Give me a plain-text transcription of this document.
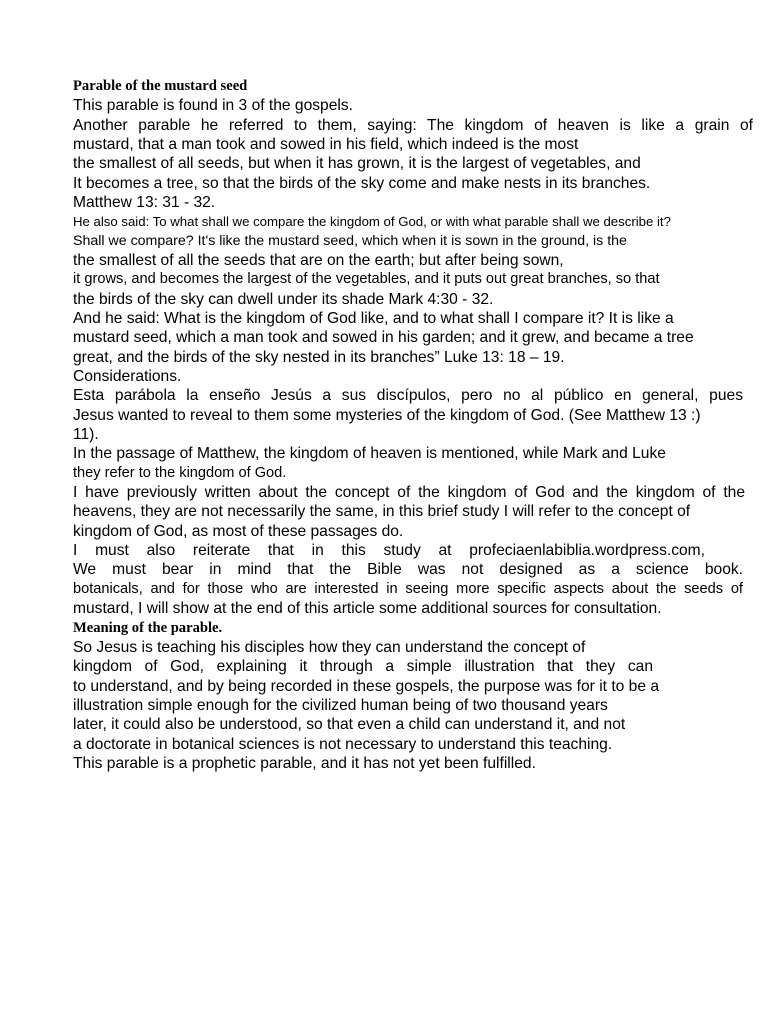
Parable of the mustard seed
This parable is found in 3 of the gospels.
Another parable he referred to them, saying: The kingdom of heaven is like a grain of
mustard, that a man took and sowed in his field, which indeed is the most
the smallest of all seeds, but when it has grown, it is the largest of vegetables, and
It becomes a tree, so that the birds of the sky come and make nests in its branches.
Matthew 13: 31 - 32.
He also said: To what shall we compare the kingdom of God, or with what parable shall we describe it?
Shall we compare? It's like the mustard seed, which when it is sown in the ground, is the
the smallest of all the seeds that are on the earth; but after being sown,
it grows, and becomes the largest of the vegetables, and it puts out great branches, so that
the birds of the sky can dwell under its shade Mark 4:30 - 32.
And he said: What is the kingdom of God like, and to what shall I compare it? It is like a
mustard seed, which a man took and sowed in his garden; and it grew, and became a tree
great, and the birds of the sky nested in its branches” Luke 13: 18 – 19.
Considerations.
Esta parábola la enseño Jesús a sus discípulos, pero no al público en general, pues
Jesus wanted to reveal to them some mysteries of the kingdom of God. (See Matthew 13 :)
11).
In the passage of Matthew, the kingdom of heaven is mentioned, while Mark and Luke
they refer to the kingdom of God.
I have previously written about the concept of the kingdom of God and the kingdom of the
heavens, they are not necessarily the same, in this brief study I will refer to the concept of
kingdom of God, as most of these passages do.
I must also reiterate that in this study at profeciaenlabiblia.wordpress.com,
We must bear in mind that the Bible was not designed as a science book.
botanicals, and for those who are interested in seeing more specific aspects about the seeds of
mustard, I will show at the end of this article some additional sources for consultation.
Meaning of the parable.
So Jesus is teaching his disciples how they can understand the concept of
kingdom of God, explaining it through a simple illustration that they can
to understand, and by being recorded in these gospels, the purpose was for it to be a
illustration simple enough for the civilized human being of two thousand years
later, it could also be understood, so that even a child can understand it, and not
a doctorate in botanical sciences is not necessary to understand this teaching.
This parable is a prophetic parable, and it has not yet been fulfilled.
